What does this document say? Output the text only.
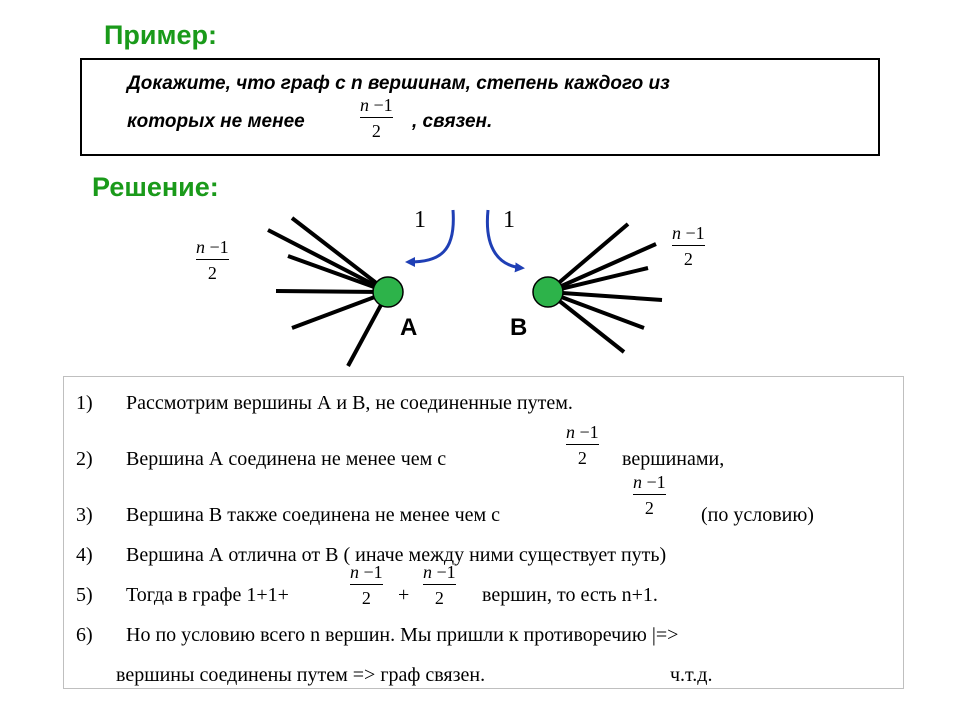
Пример:
Докажите, что граф с n вершинам, степень каждого из
которых не менее
n −1
2 , связен.
Решение:
1	1
A	B
n −1
2
n −1
2
1) Рассмотрим вершины А и В, не соединенные путем.
2) Вершина А соединена не менее чем с
n −1
2 вершинами,
3) Вершина В также соединена не менее чем с
n −1
2 (по условию)
4) Вершина А отлична от В ( иначе между ними существует путь)
5) Тогда в графе 1+1+
n −1
2 +
n −1
2 вершин, то есть n+1.
6) Но по условию всего n вершин. Мы пришли к противоречию |=>
вершины соединены путем => граф связен.	ч.т.д.
